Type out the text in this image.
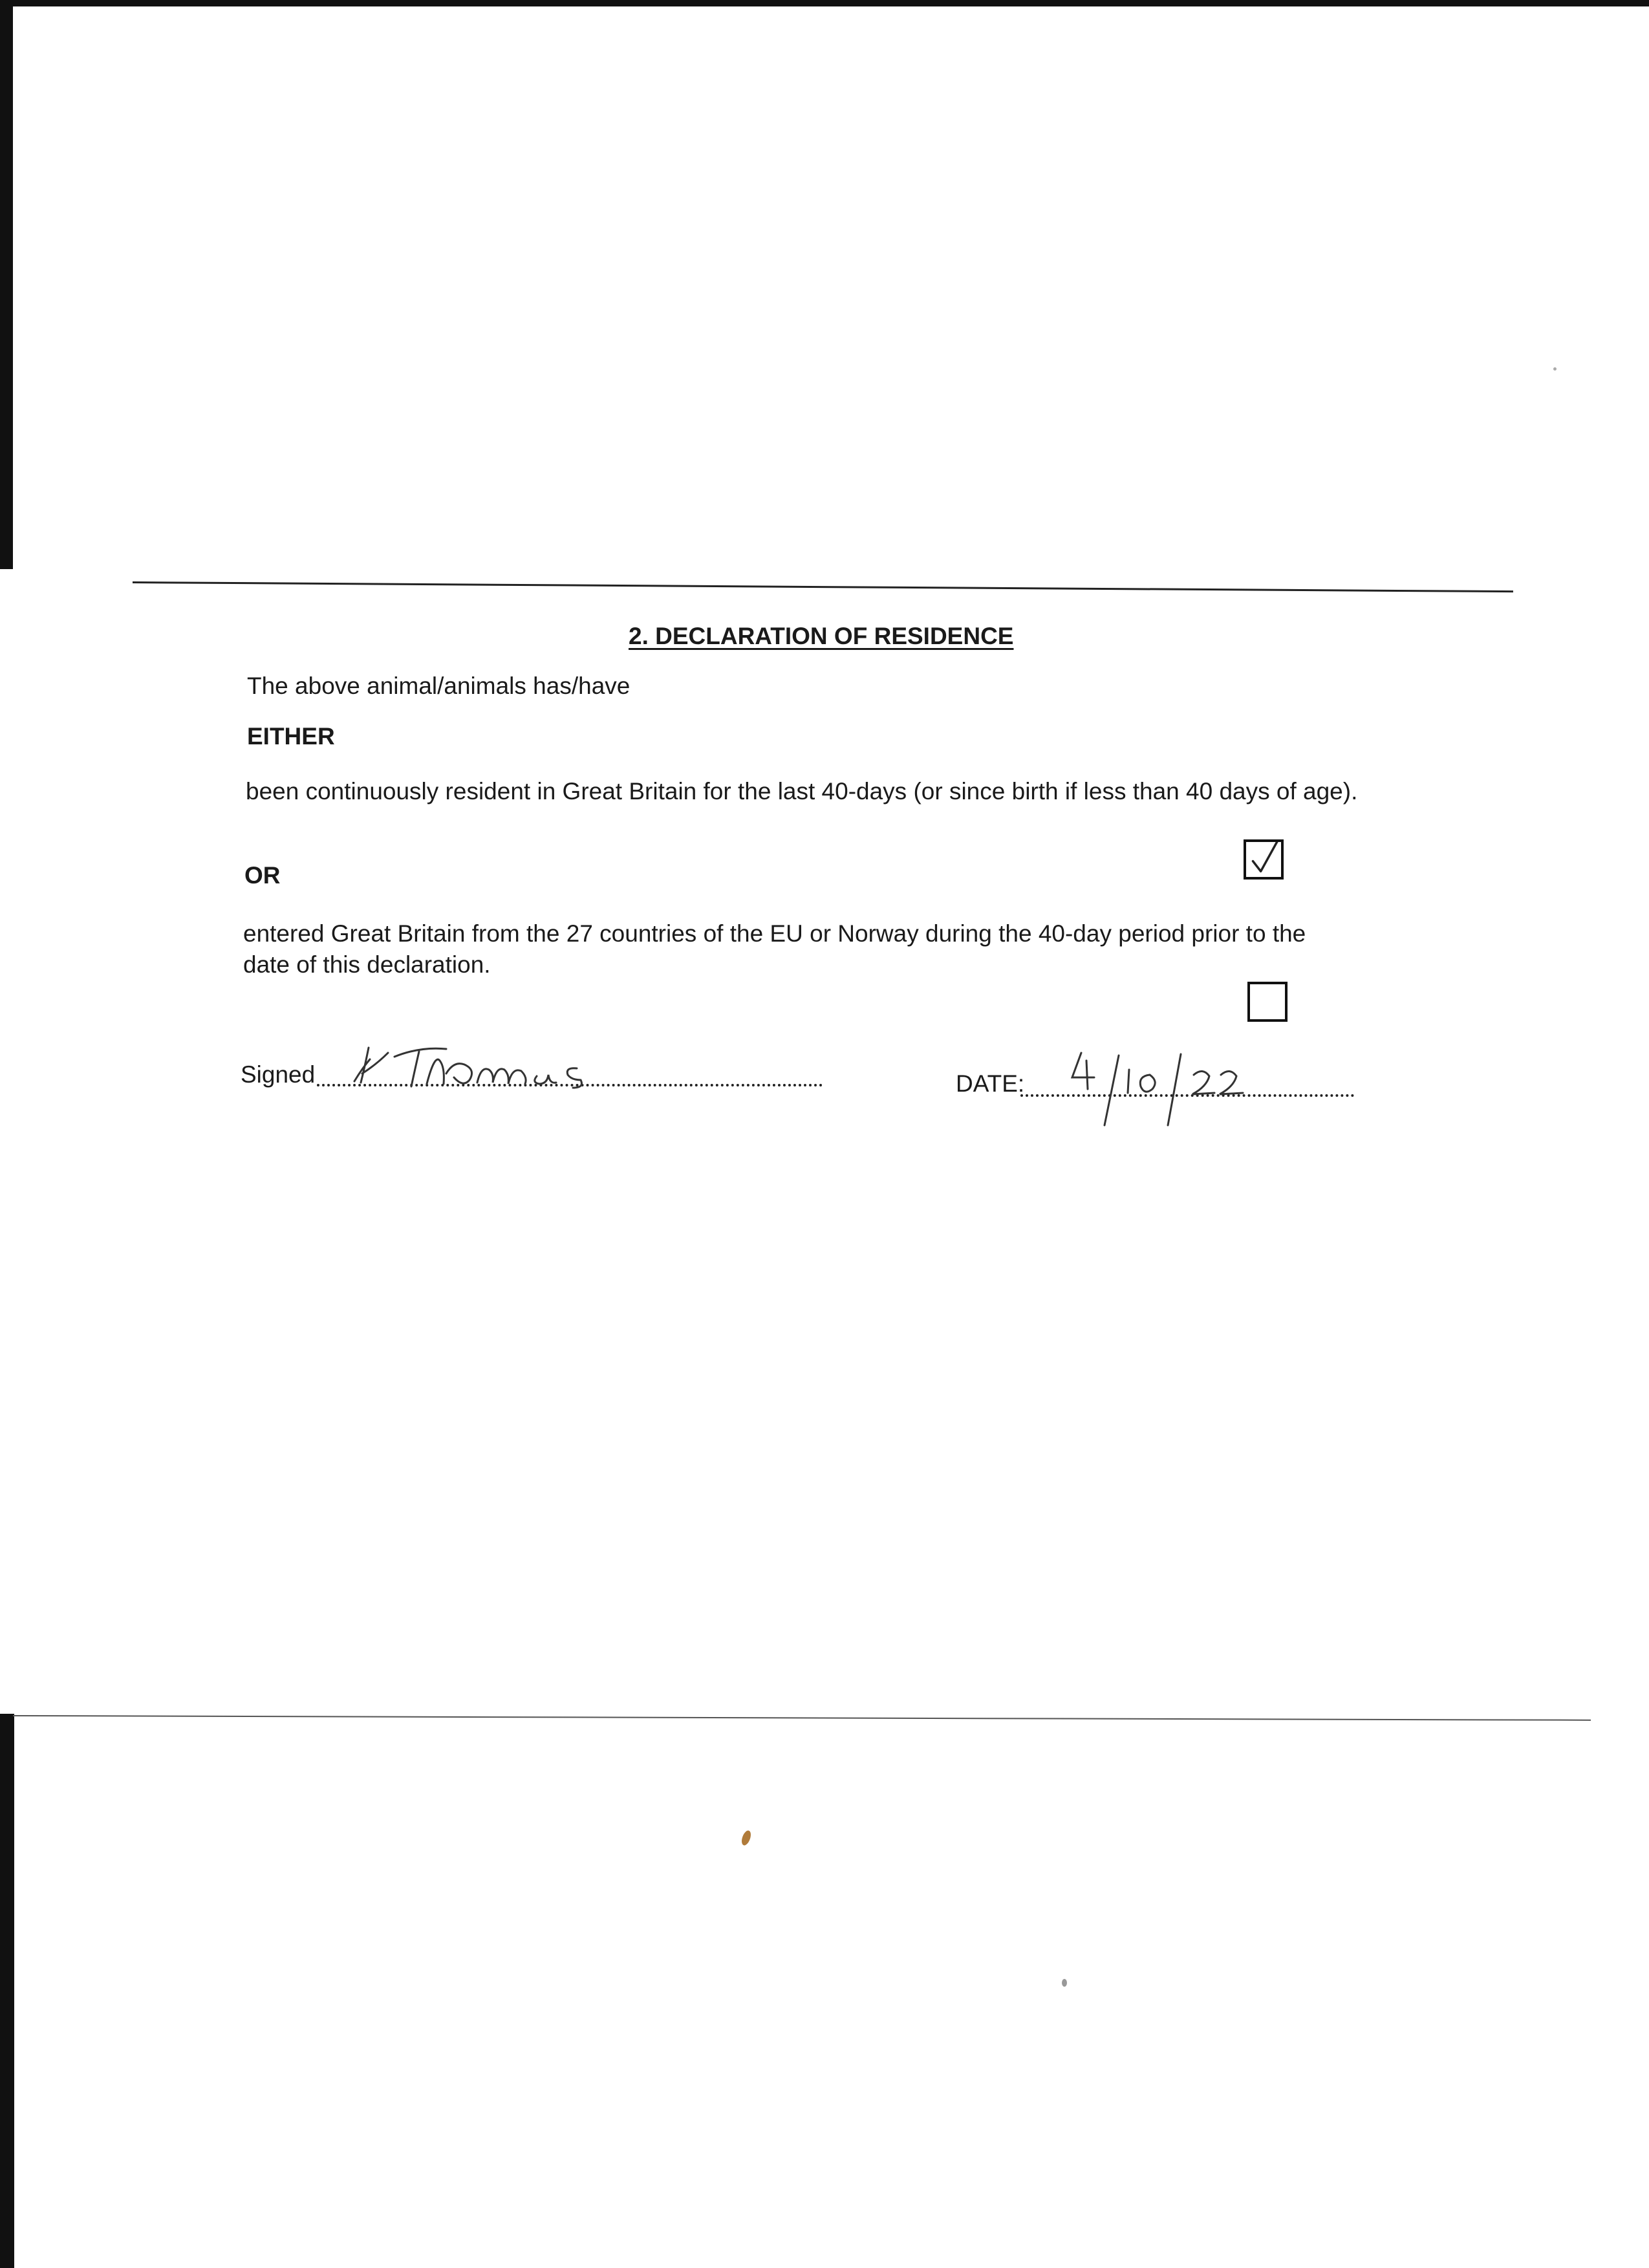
2. DECLARATION OF RESIDENCE
The above animal/animals has/have
EITHER
been continuously resident in Great Britain for the last 40-days (or since birth if less than 40 days of age).
OR
entered Great Britain from the 27 countries of the EU or Norway during the 40-day period prior to the date of this declaration.
Signed	DATE:
